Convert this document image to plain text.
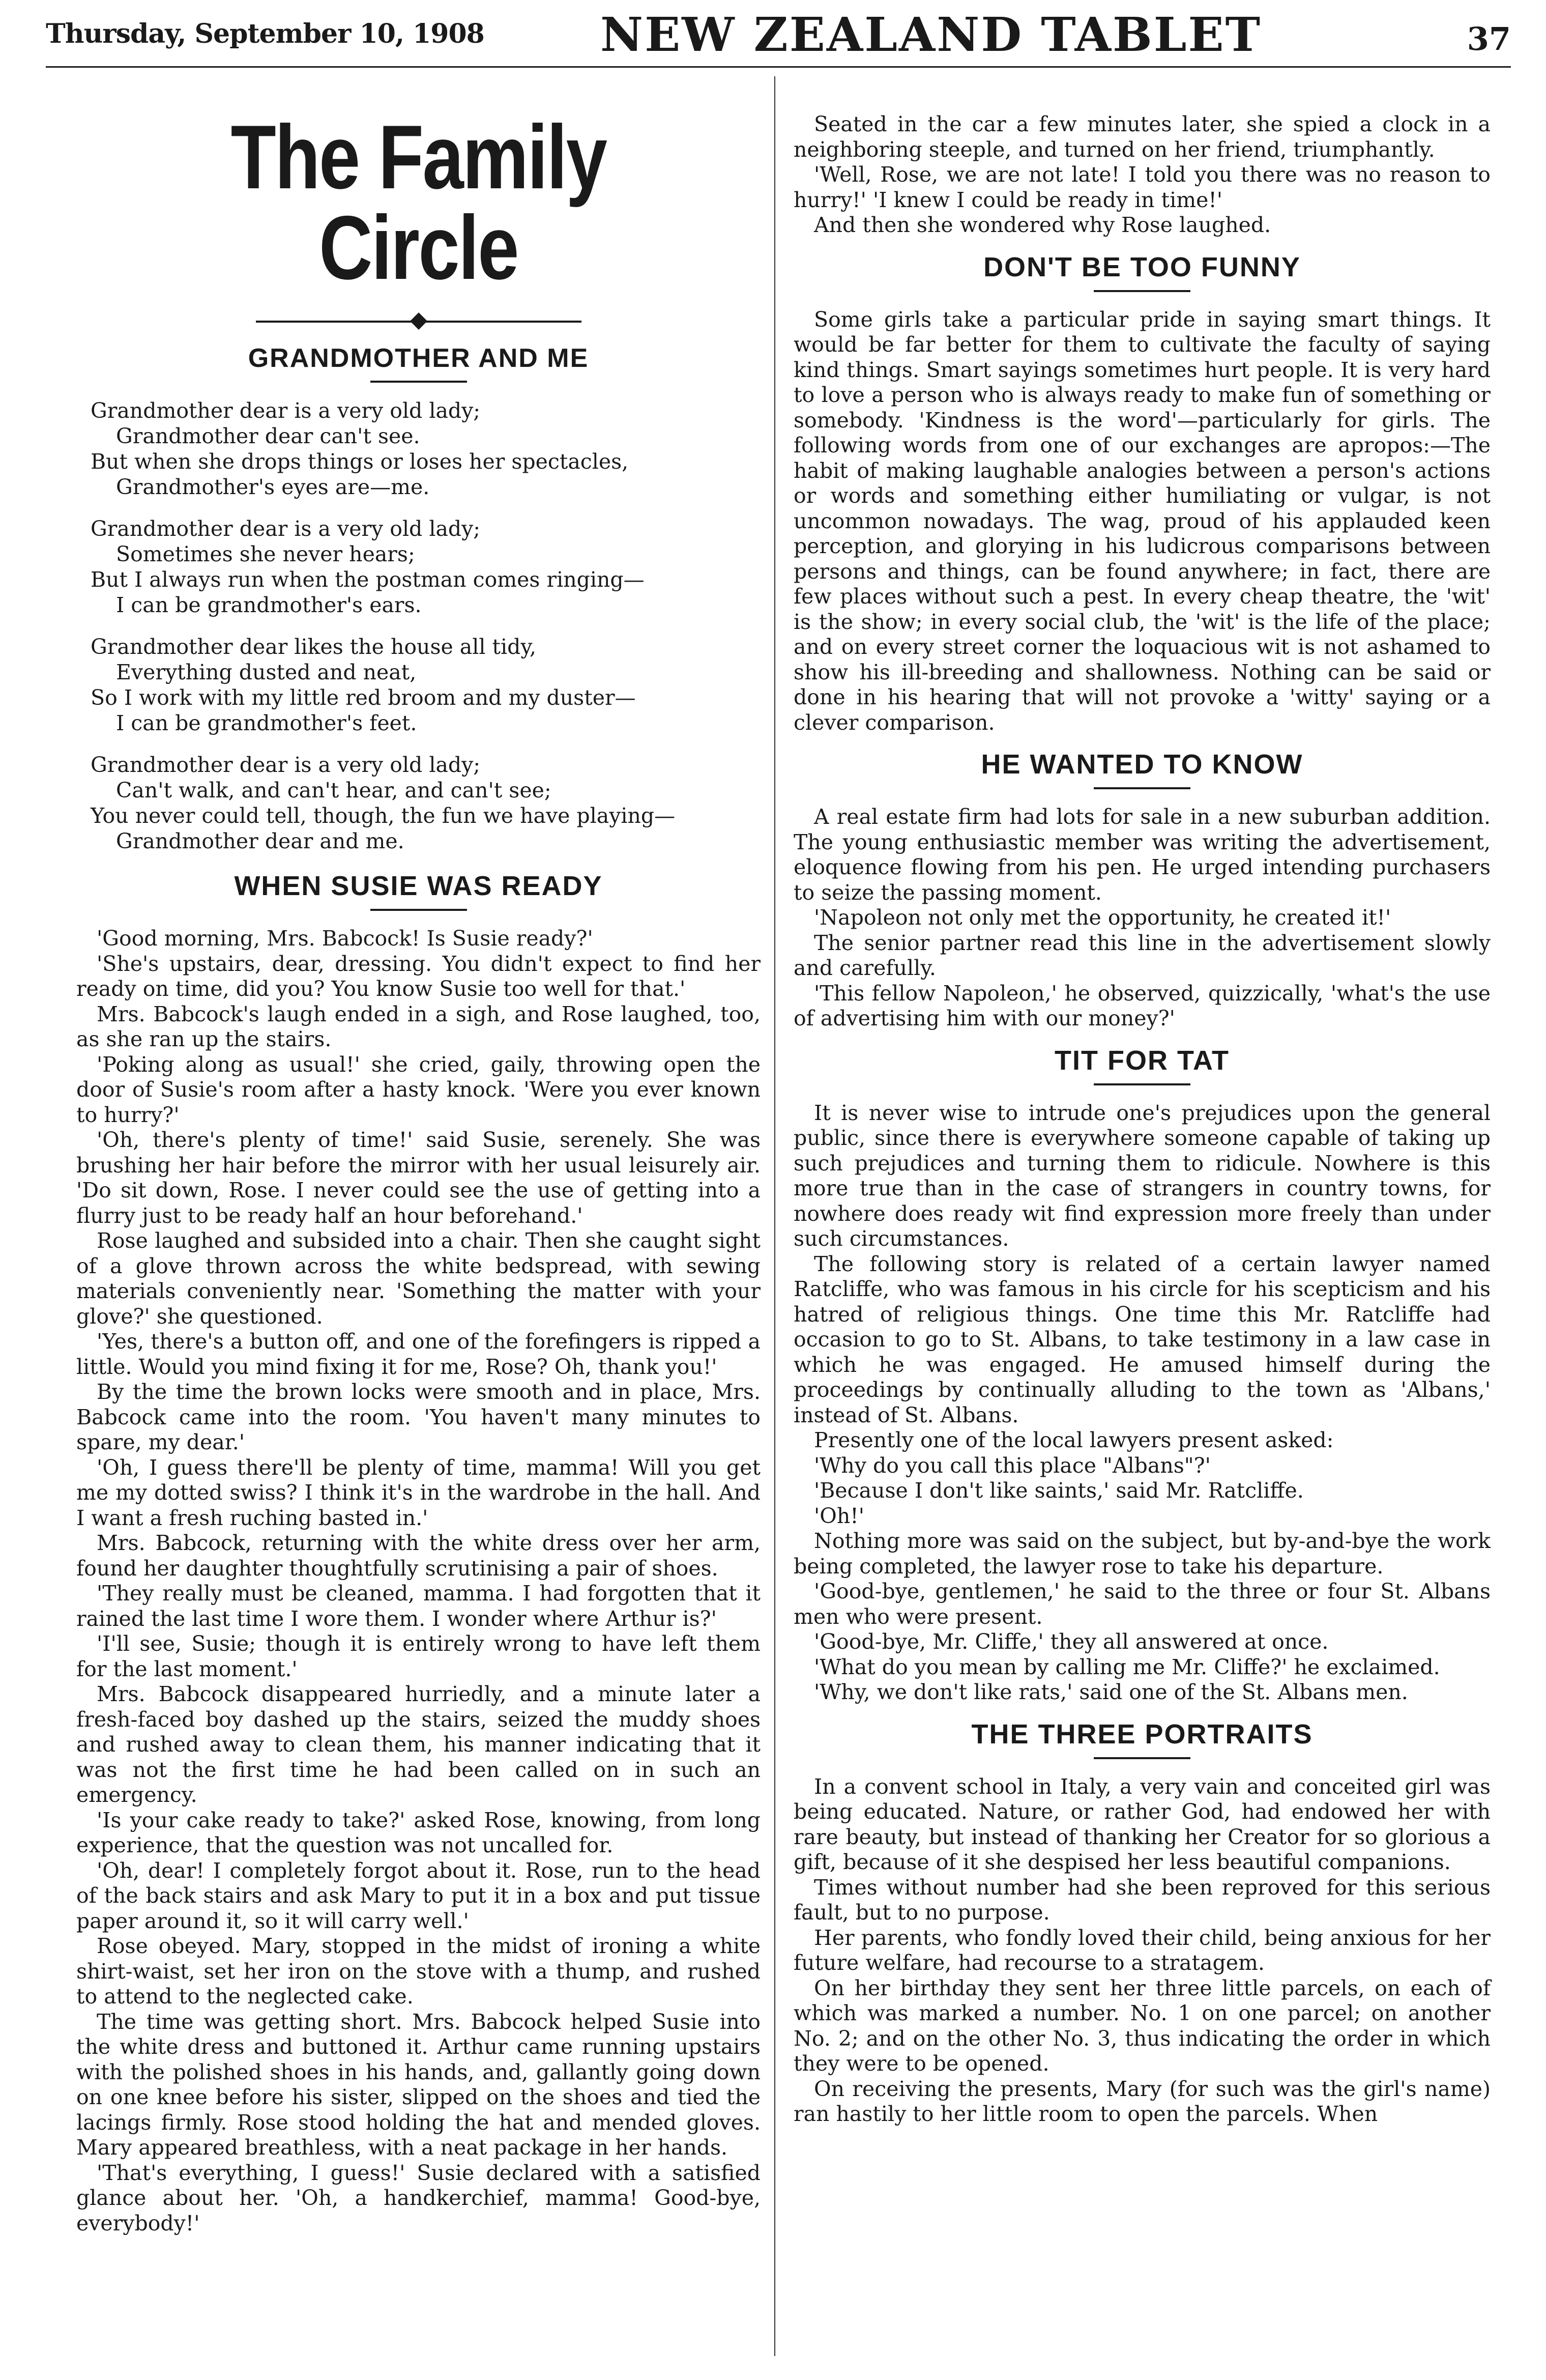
Thursday, September 10, 1908 NEW ZEALAND TABLET	37
The Family Circle
GRANDMOTHER AND ME
Grandmother dear is a very old lady;
Grandmother dear can't see.
But when she drops things or loses her spectacles,
Grandmother's eyes are—me.
Grandmother dear is a very old lady;
Sometimes she never hears;
But I always run when the postman comes ringing—
I can be grandmother's ears.
Grandmother dear likes the house all tidy,
Everything dusted and neat,
So I work with my little red broom and my duster—
I can be grandmother's feet.
Grandmother dear is a very old lady;
Can't walk, and can't hear, and can't see;
You never could tell, though, the fun we have playing—
Grandmother dear and me.
WHEN SUSIE WAS READY

'Good morning, Mrs. Babcock! Is Susie ready?'

'She's upstairs, dear, dressing. You didn't expect to find her ready on time, did you? You know Susie too well for that.'

Mrs. Babcock's laugh ended in a sigh, and Rose laughed, too, as she ran up the stairs.

'Poking along as usual!' she cried, gaily, throwing open the door of Susie's room after a hasty knock. 'Were you ever known to hurry?'

'Oh, there's plenty of time!' said Susie, serenely. She was brushing her hair before the mirror with her usual leisurely air. 'Do sit down, Rose. I never could see the use of getting into a flurry just to be ready half an hour beforehand.'

Rose laughed and subsided into a chair. Then she caught sight of a glove thrown across the white bedspread, with sewing materials conveniently near. 'Something the matter with your glove?' she questioned.

'Yes, there's a button off, and one of the forefingers is ripped a little. Would you mind fixing it for me, Rose? Oh, thank you!'

By the time the brown locks were smooth and in place, Mrs. Babcock came into the room. 'You haven't many minutes to spare, my dear.'

'Oh, I guess there'll be plenty of time, mamma! Will you get me my dotted swiss? I think it's in the wardrobe in the hall. And I want a fresh ruching basted in.'

Mrs. Babcock, returning with the white dress over her arm, found her daughter thoughtfully scrutinising a pair of shoes.

'They really must be cleaned, mamma. I had forgotten that it rained the last time I wore them. I wonder where Arthur is?'

'I'll see, Susie; though it is entirely wrong to have left them for the last moment.'

Mrs. Babcock disappeared hurriedly, and a minute later a fresh-faced boy dashed up the stairs, seized the muddy shoes and rushed away to clean them, his manner indicating that it was not the first time he had been called on in such an emergency.

'Is your cake ready to take?' asked Rose, knowing, from long experience, that the question was not uncalled for.

'Oh, dear! I completely forgot about it. Rose, run to the head of the back stairs and ask Mary to put it in a box and put tissue paper around it, so it will carry well.'

Rose obeyed. Mary, stopped in the midst of ironing a white shirt-waist, set her iron on the stove with a thump, and rushed to attend to the neglected cake.

The time was getting short. Mrs. Babcock helped Susie into the white dress and buttoned it. Arthur came running upstairs with the polished shoes in his hands, and, gallantly going down on one knee before his sister, slipped on the shoes and tied the lacings firmly. Rose stood holding the hat and mended gloves. Mary appeared breathless, with a neat package in her hands.

'That's everything, I guess!' Susie declared with a satisfied glance about her. 'Oh, a handkerchief, mamma! Good-bye, everybody!'

Seated in the car a few minutes later, she spied a clock in a neighboring steeple, and turned on her friend, triumphantly.

'Well, Rose, we are not late! I told you there was no reason to hurry!' 'I knew I could be ready in time!'

And then she wondered why Rose laughed.

DON'T BE TOO FUNNY

Some girls take a particular pride in saying smart things. It would be far better for them to cultivate the faculty of saying kind things. Smart sayings sometimes hurt people. It is very hard to love a person who is always ready to make fun of something or somebody. 'Kindness is the word'—particularly for girls. The following words from one of our exchanges are apropos:—The habit of making laughable analogies between a person's actions or words and something either humiliating or vulgar, is not uncommon nowadays. The wag, proud of his applauded keen perception, and glorying in his ludicrous comparisons between persons and things, can be found anywhere; in fact, there are few places without such a pest. In every cheap theatre, the 'wit' is the show; in every social club, the 'wit' is the life of the place; and on every street corner the loquacious wit is not ashamed to show his ill-breeding and shallowness. Nothing can be said or done in his hearing that will not provoke a 'witty' saying or a clever comparison.

HE WANTED TO KNOW

A real estate firm had lots for sale in a new suburban addition. The young enthusiastic member was writing the advertisement, eloquence flowing from his pen. He urged intending purchasers to seize the passing moment.

'Napoleon not only met the opportunity, he created it!'

The senior partner read this line in the advertisement slowly and carefully.

'This fellow Napoleon,' he observed, quizzically, 'what's the use of advertising him with our money?'

TIT FOR TAT

It is never wise to intrude one's prejudices upon the general public, since there is everywhere someone capable of taking up such prejudices and turning them to ridicule. Nowhere is this more true than in the case of strangers in country towns, for nowhere does ready wit find expression more freely than under such circumstances.

The following story is related of a certain lawyer named Ratcliffe, who was famous in his circle for his scepticism and his hatred of religious things. One time this Mr. Ratcliffe had occasion to go to St. Albans, to take testimony in a law case in which he was engaged. He amused himself during the proceedings by continually alluding to the town as 'Albans,' instead of St. Albans.

Presently one of the local lawyers present asked:

'Why do you call this place "Albans"?'

'Because I don't like saints,' said Mr. Ratcliffe.

'Oh!'

Nothing more was said on the subject, but by-and-bye the work being completed, the lawyer rose to take his departure.

'Good-bye, gentlemen,' he said to the three or four St. Albans men who were present.

'Good-bye, Mr. Cliffe,' they all answered at once.

'What do you mean by calling me Mr. Cliffe?' he exclaimed.

'Why, we don't like rats,' said one of the St. Albans men.

THE THREE PORTRAITS

In a convent school in Italy, a very vain and conceited girl was being educated. Nature, or rather God, had endowed her with rare beauty, but instead of thanking her Creator for so glorious a gift, because of it she despised her less beautiful companions.

Times without number had she been reproved for this serious fault, but to no purpose.

Her parents, who fondly loved their child, being anxious for her future welfare, had recourse to a stratagem.

On her birthday they sent her three little parcels, on each of which was marked a number. No. 1 on one parcel; on another No. 2; and on the other No. 3, thus indicating the order in which they were to be opened.

On receiving the presents, Mary (for such was the girl's name) ran hastily to her little room to open the parcels. When
